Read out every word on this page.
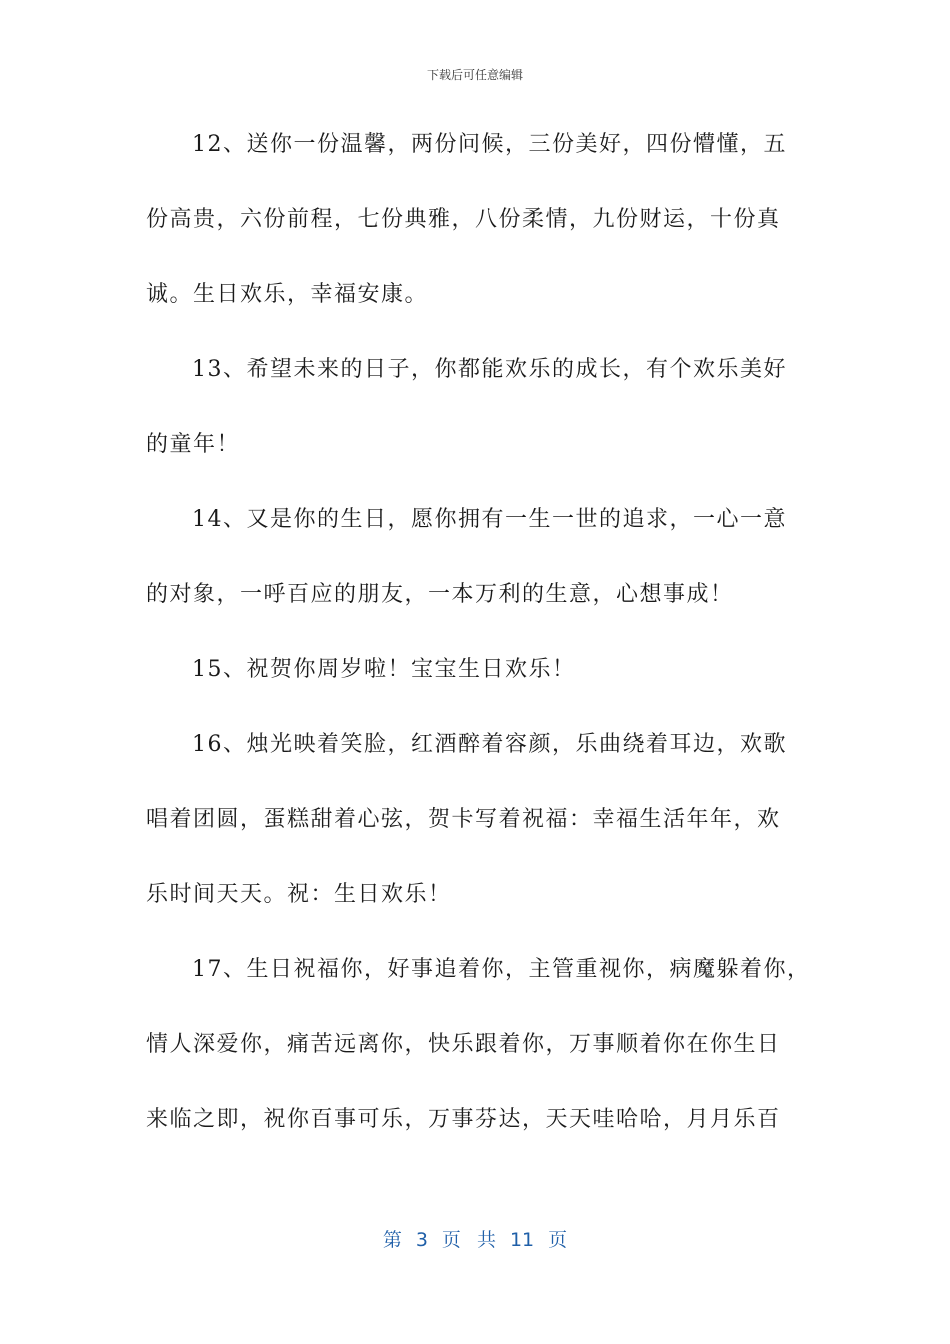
下载后可任意编辑
12、送你一份温馨，两份问候，三份美好，四份懵懂，五
份高贵，六份前程，七份典雅，八份柔情，九份财运，十份真
诚。生日欢乐，幸福安康。
13、希望未来的日子，你都能欢乐的成长，有个欢乐美好
的童年！
14、又是你的生日，愿你拥有一生一世的追求，一心一意
的对象，一呼百应的朋友，一本万利的生意，心想事成！
15、祝贺你周岁啦！宝宝生日欢乐！
16、烛光映着笑脸，红酒醉着容颜，乐曲绕着耳边，欢歌
唱着团圆，蛋糕甜着心弦，贺卡写着祝福：幸福生活年年，欢
乐时间天天。祝：生日欢乐！
17、生日祝福你，好事追着你，主管重视你，病魔躲着你，
情人深爱你，痛苦远离你，快乐跟着你，万事顺着你在你生日
来临之即，祝你百事可乐，万事芬达，天天哇哈哈，月月乐百
第 3 页 共 11 页
